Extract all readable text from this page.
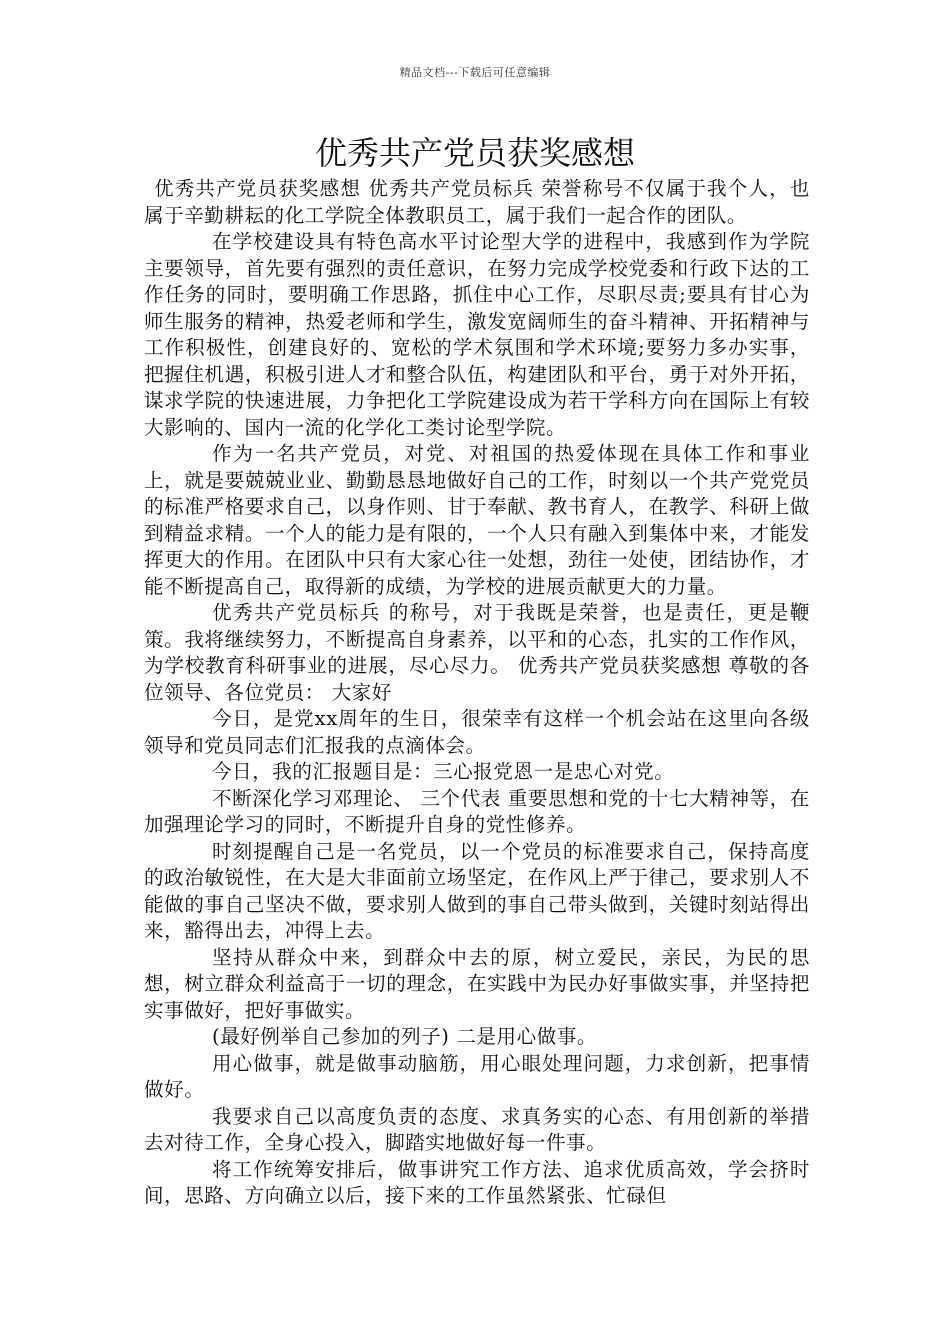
精品文档---下载后可任意编辑
优秀共产党员获奖感想

优秀共产党员获奖感想 优秀共产党员标兵 荣誉称号不仅属于我个人，也属于辛勤耕耘的化工学院全体教职员工，属于我们一起合作的团队。

在学校建设具有特色高水平讨论型大学的进程中，我感到作为学院主要领导，首先要有强烈的责任意识，在努力完成学校党委和行政下达的工作任务的同时，要明确工作思路，抓住中心工作，尽职尽责;要具有甘心为师生服务的精神，热爱老师和学生，激发宽阔师生的奋斗精神、开拓精神与工作积极性，创建良好的、宽松的学术氛围和学术环境;要努力多办实事，把握住机遇，积极引进人才和整合队伍，构建团队和平台，勇于对外开拓，谋求学院的快速进展，力争把化工学院建设成为若干学科方向在国际上有较大影响的、国内一流的化学化工类讨论型学院。

作为一名共产党员，对党、对祖国的热爱体现在具体工作和事业上，就是要兢兢业业、勤勤恳恳地做好自己的工作，时刻以一个共产党党员的标准严格要求自己，以身作则、甘于奉献、教书育人，在教学、科研上做到精益求精。一个人的能力是有限的，一个人只有融入到集体中来，才能发挥更大的作用。在团队中只有大家心往一处想，劲往一处使，团结协作，才能不断提高自己，取得新的成绩，为学校的进展贡献更大的力量。

优秀共产党员标兵 的称号，对于我既是荣誉，也是责任，更是鞭策。我将继续努力，不断提高自身素养，以平和的心态，扎实的工作作风，为学校教育科研事业的进展，尽心尽力。 优秀共产党员获奖感想 尊敬的各位领导、各位党员： 大家好

今日，是党xx周年的生日，很荣幸有这样一个机会站在这里向各级领导和党员同志们汇报我的点滴体会。

今日，我的汇报题目是：三心报党恩一是忠心对党。

不断深化学习邓理论、 三个代表 重要思想和党的十七大精神等，在加强理论学习的同时，不断提升自身的党性修养。

时刻提醒自己是一名党员，以一个党员的标准要求自己，保持高度的政治敏锐性，在大是大非面前立场坚定，在作风上严于律己，要求别人不能做的事自己坚决不做，要求别人做到的事自己带头做到，关键时刻站得出来，豁得出去，冲得上去。

坚持从群众中来，到群众中去的原，树立爱民，亲民，为民的思想，树立群众利益高于一切的理念，在实践中为民办好事做实事，并坚持把实事做好，把好事做实。

(最好例举自己参加的列子) 二是用心做事。

用心做事，就是做事动脑筋，用心眼处理问题，力求创新，把事情做好。

我要求自己以高度负责的态度、求真务实的心态、有用创新的举措去对待工作，全身心投入，脚踏实地做好每一件事。

将工作统筹安排后，做事讲究工作方法、追求优质高效，学会挤时间，思路、方向确立以后，接下来的工作虽然紧张、忙碌但
